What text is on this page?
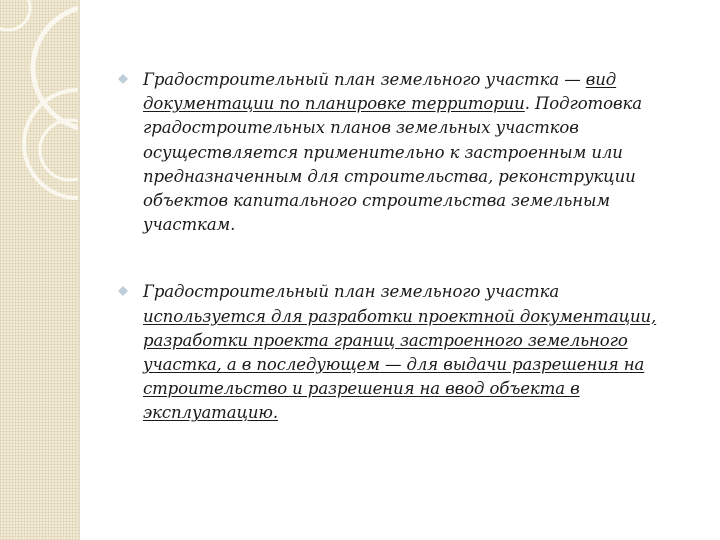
Градостроительный план земельного участка — вид документации по планировке территории. Подготовка градостроительных планов земельных участков осуществляется применительно к застроенным или предназначенным для строительства, реконструкции объектов капитального строительства земельным участкам.

Градостроительный план земельного участка используется для разработки проектной документации, разработки проекта границ застроенного земельного участка, а в последующем — для выдачи разрешения на строительство и разрешения на ввод объекта в эксплуатацию.
